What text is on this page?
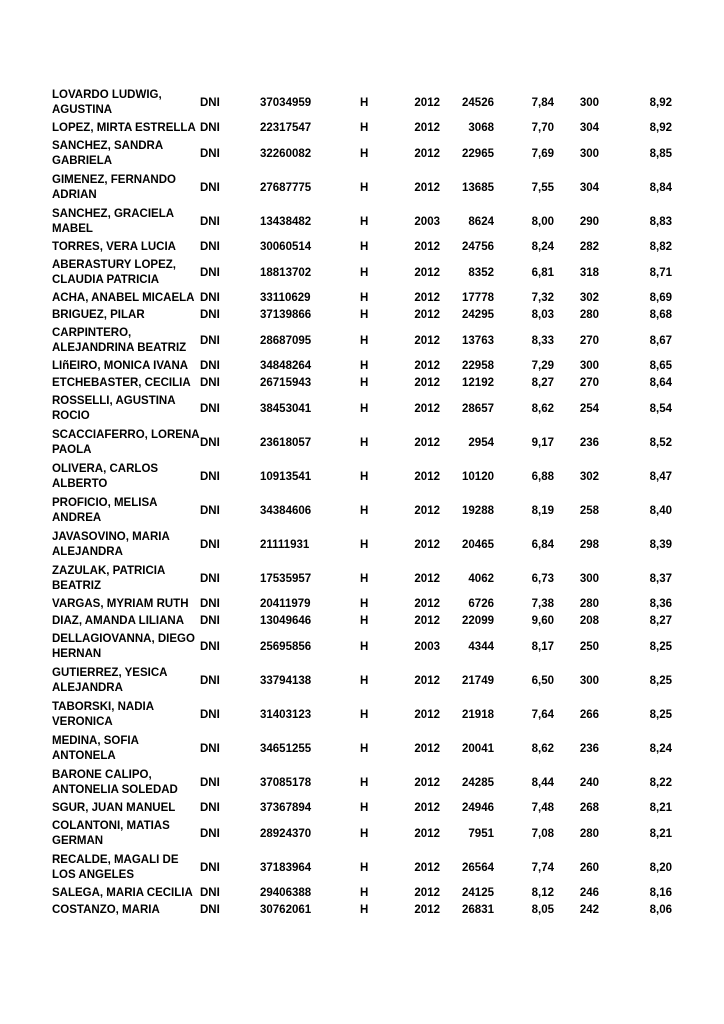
LOVARDO LUDWIG, AGUSTINA	DNI	37034959	H	2012	24526	7,84	300	8,92
LOPEZ, MIRTA ESTRELLA	DNI	22317547	H	2012	3068	7,70	304	8,92
SANCHEZ, SANDRA GABRIELA	DNI	32260082	H	2012	22965	7,69	300	8,85
GIMENEZ, FERNANDO ADRIAN	DNI	27687775	H	2012	13685	7,55	304	8,84
SANCHEZ, GRACIELA MABEL	DNI	13438482	H	2003	8624	8,00	290	8,83
TORRES, VERA LUCIA	DNI	30060514	H	2012	24756	8,24	282	8,82
ABERASTURY LOPEZ, CLAUDIA PATRICIA	DNI	18813702	H	2012	8352	6,81	318	8,71
ACHA, ANABEL MICAELA	DNI	33110629	H	2012	17778	7,32	302	8,69
BRIGUEZ, PILAR	DNI	37139866	H	2012	24295	8,03	280	8,68
CARPINTERO, ALEJANDRINA BEATRIZ	DNI	28687095	H	2012	13763	8,33	270	8,67
LIñEIRO, MONICA IVANA	DNI	34848264	H	2012	22958	7,29	300	8,65
ETCHEBASTER, CECILIA	DNI	26715943	H	2012	12192	8,27	270	8,64
ROSSELLI, AGUSTINA ROCIO	DNI	38453041	H	2012	28657	8,62	254	8,54
SCACCIAFERRO, LORENA PAOLA	DNI	23618057	H	2012	2954	9,17	236	8,52
OLIVERA, CARLOS ALBERTO	DNI	10913541	H	2012	10120	6,88	302	8,47
PROFICIO, MELISA ANDREA	DNI	34384606	H	2012	19288	8,19	258	8,40
JAVASOVINO, MARIA ALEJANDRA	DNI	21111931	H	2012	20465	6,84	298	8,39
ZAZULAK, PATRICIA BEATRIZ	DNI	17535957	H	2012	4062	6,73	300	8,37
VARGAS, MYRIAM RUTH	DNI	20411979	H	2012	6726	7,38	280	8,36
DIAZ, AMANDA LILIANA	DNI	13049646	H	2012	22099	9,60	208	8,27
DELLAGIOVANNA, DIEGO HERNAN	DNI	25695856	H	2003	4344	8,17	250	8,25
GUTIERREZ, YESICA ALEJANDRA	DNI	33794138	H	2012	21749	6,50	300	8,25
TABORSKI, NADIA VERONICA	DNI	31403123	H	2012	21918	7,64	266	8,25
MEDINA, SOFIA ANTONELA	DNI	34651255	H	2012	20041	8,62	236	8,24
BARONE CALIPO, ANTONELIA SOLEDAD	DNI	37085178	H	2012	24285	8,44	240	8,22
SGUR, JUAN MANUEL	DNI	37367894	H	2012	24946	7,48	268	8,21
COLANTONI, MATIAS GERMAN	DNI	28924370	H	2012	7951	7,08	280	8,21
RECALDE, MAGALI DE LOS ANGELES	DNI	37183964	H	2012	26564	7,74	260	8,20
SALEGA, MARIA CECILIA	DNI	29406388	H	2012	24125	8,12	246	8,16
COSTANZO, MARIA	DNI	30762061	H	2012	26831	8,05	242	8,06
